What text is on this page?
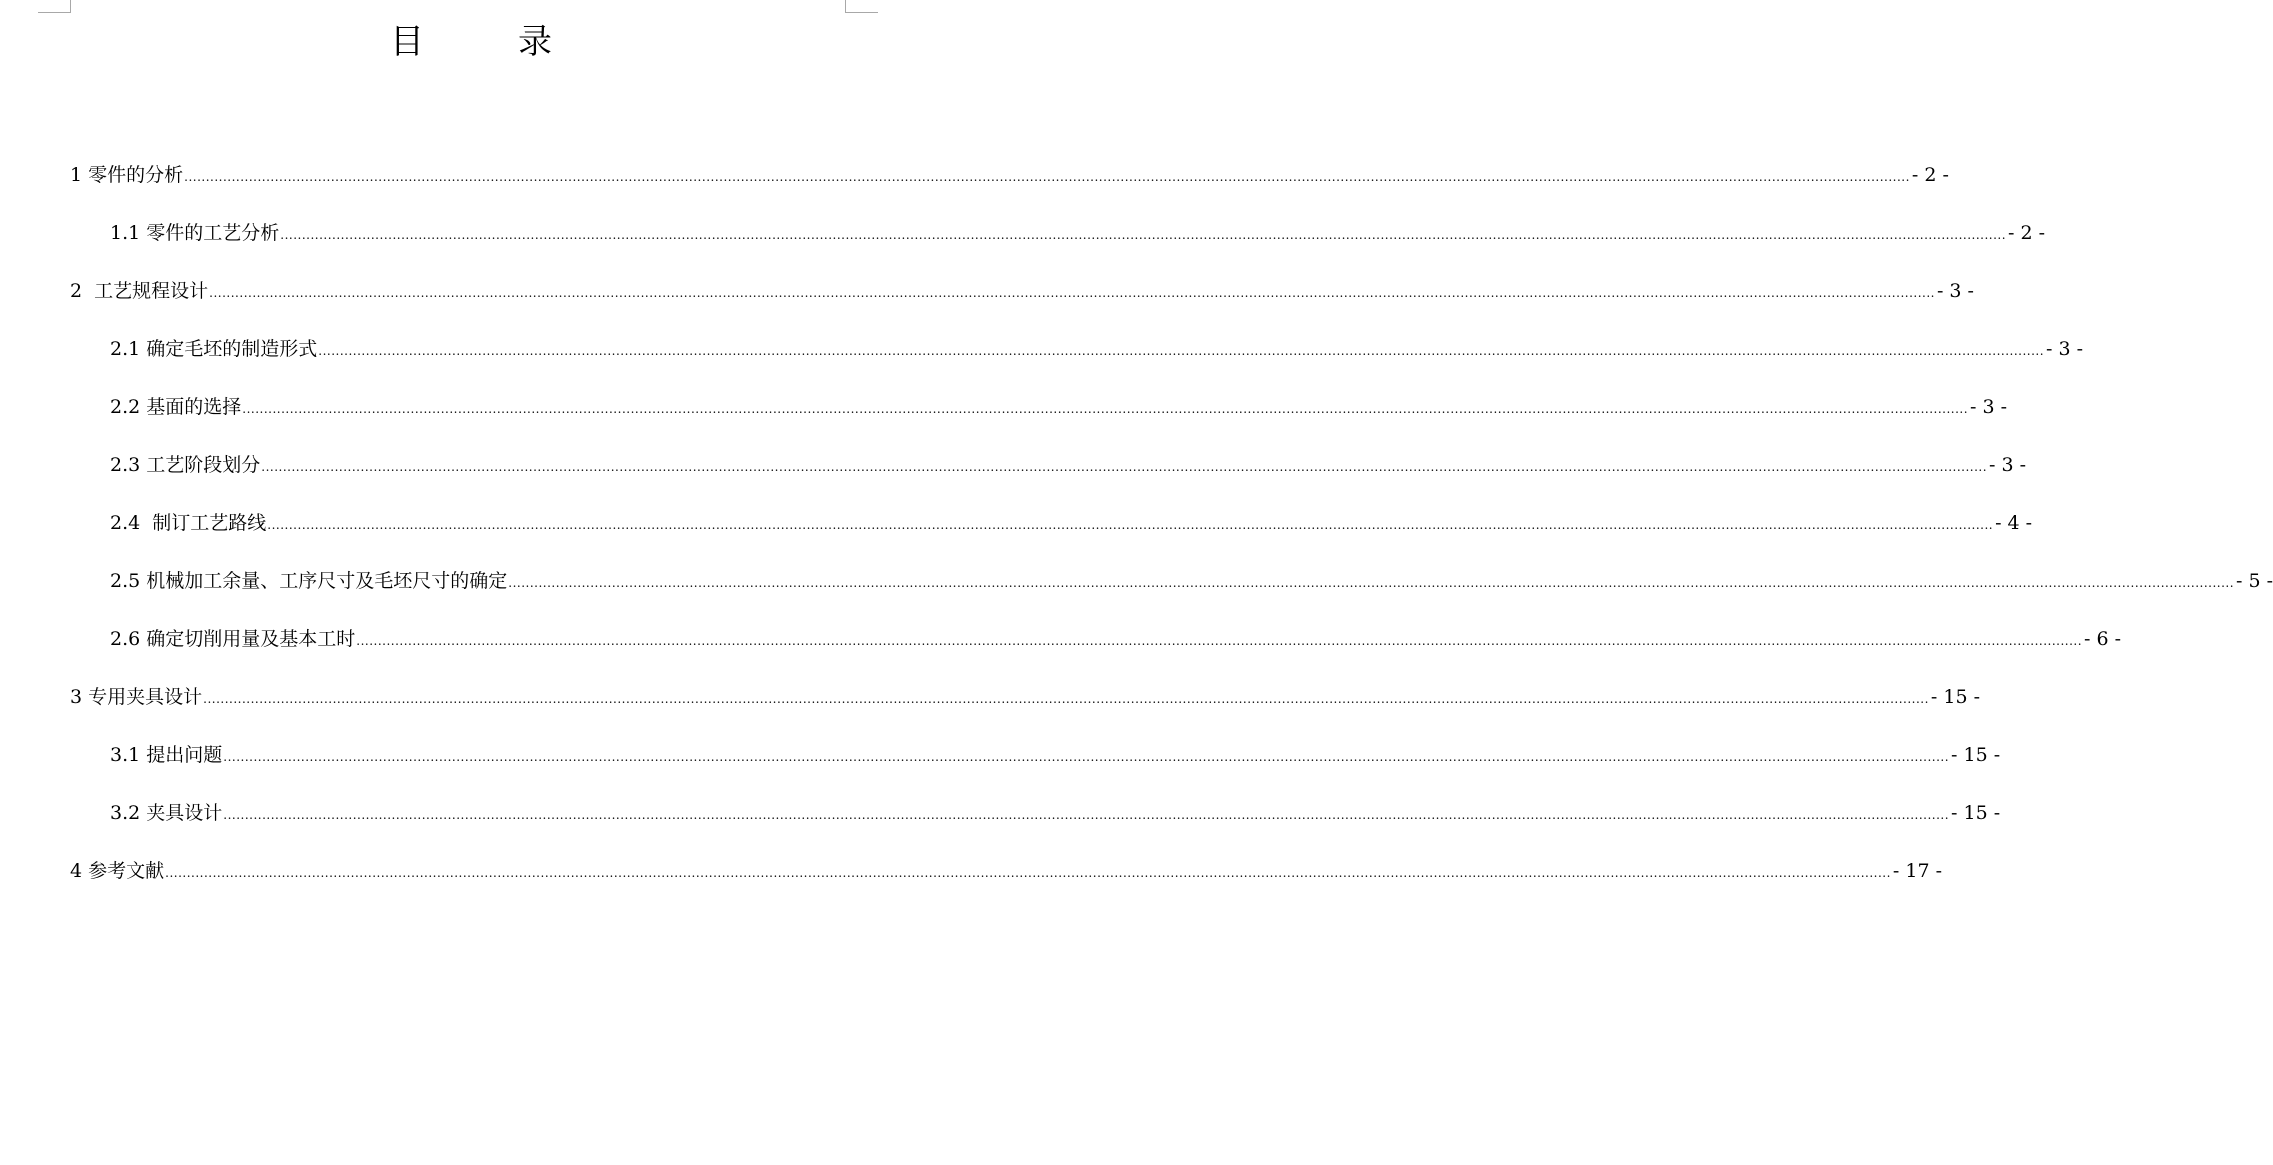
目　录
1 零件的分析 ................................................................................................................................................................................................................................................................................................................................................................................................................ - 2 -
1.1 零件的工艺分析 ................................................................................................................................................................................................................................................................................................................................................................................................................ - 2 -
2  工艺规程设计 ................................................................................................................................................................................................................................................................................................................................................................................................................ - 3 -
2.1 确定毛坯的制造形式 ................................................................................................................................................................................................................................................................................................................................................................................................................ - 3 -
2.2 基面的选择 ................................................................................................................................................................................................................................................................................................................................................................................................................ - 3 -
2.3 工艺阶段划分 ................................................................................................................................................................................................................................................................................................................................................................................................................ - 3 -
2.4  制订工艺路线 ................................................................................................................................................................................................................................................................................................................................................................................................................ - 4 -
2.5 机械加工余量、工序尺寸及毛坯尺寸的确定 ................................................................................................................................................................................................................................................................................................................................................................................................................ - 5 -
2.6 确定切削用量及基本工时 ................................................................................................................................................................................................................................................................................................................................................................................................................ - 6 -
3 专用夹具设计 ................................................................................................................................................................................................................................................................................................................................................................................................................ - 15 -
3.1 提出问题 ................................................................................................................................................................................................................................................................................................................................................................................................................ - 15 -
3.2 夹具设计 ................................................................................................................................................................................................................................................................................................................................................................................................................ - 15 -
4 参考文献 ................................................................................................................................................................................................................................................................................................................................................................................................................ - 17 -
